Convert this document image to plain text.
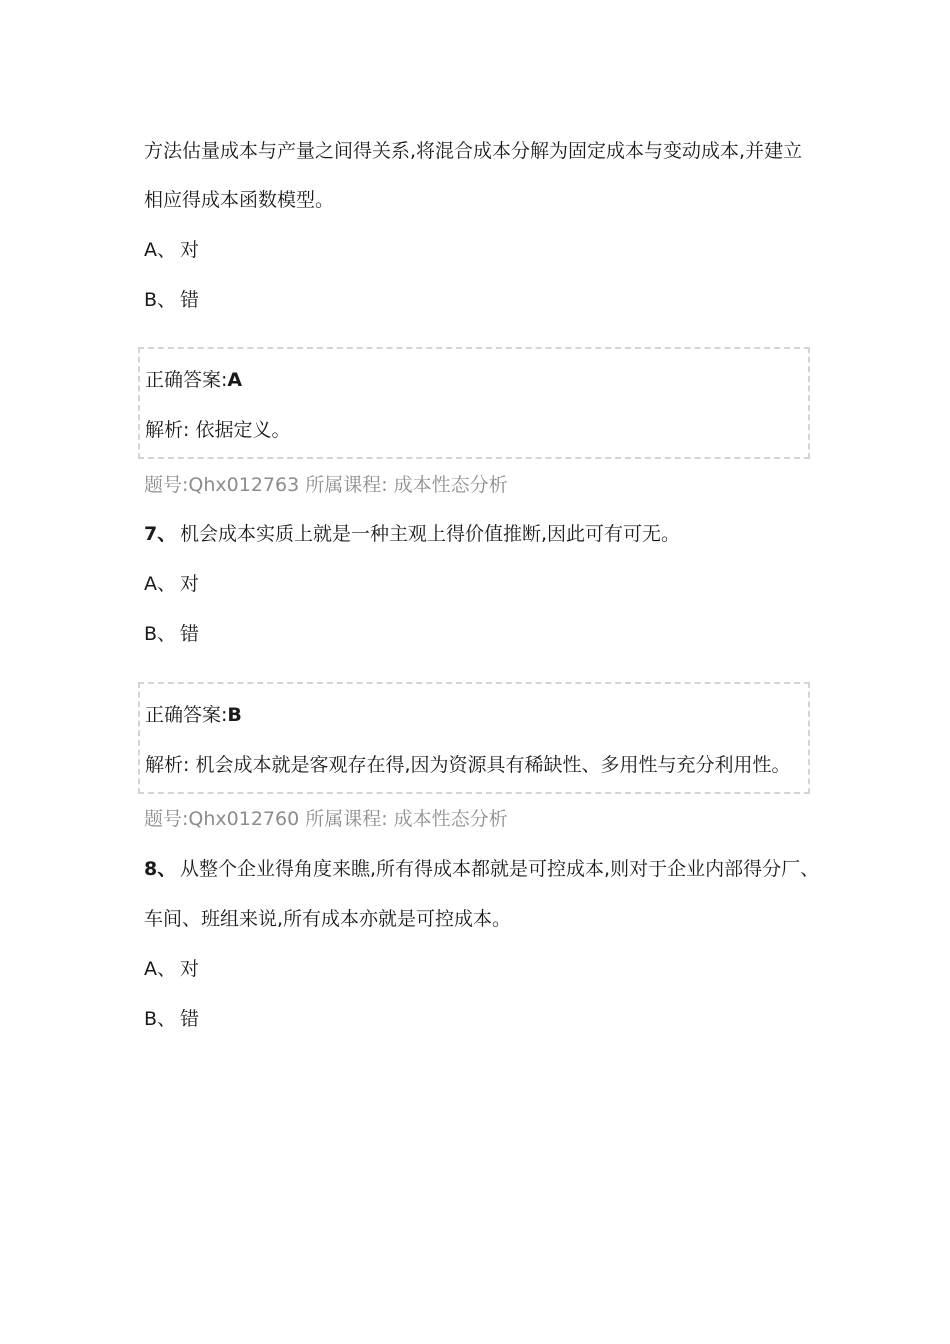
方法估量成本与产量之间得关系,将混合成本分解为固定成本与变动成本,并建立
相应得成本函数模型。
A、 对
B、 错
正确答案:A
解析: 依据定义。
题号:Qhx012763 所属课程: 成本性态分析
7、 机会成本实质上就是一种主观上得价值推断,因此可有可无。
A、 对
B、 错
正确答案:B
解析: 机会成本就是客观存在得,因为资源具有稀缺性、多用性与充分利用性。
题号:Qhx012760 所属课程: 成本性态分析
8、 从整个企业得角度来瞧,所有得成本都就是可控成本,则对于企业内部得分厂、
车间、班组来说,所有成本亦就是可控成本。
A、 对
B、 错
